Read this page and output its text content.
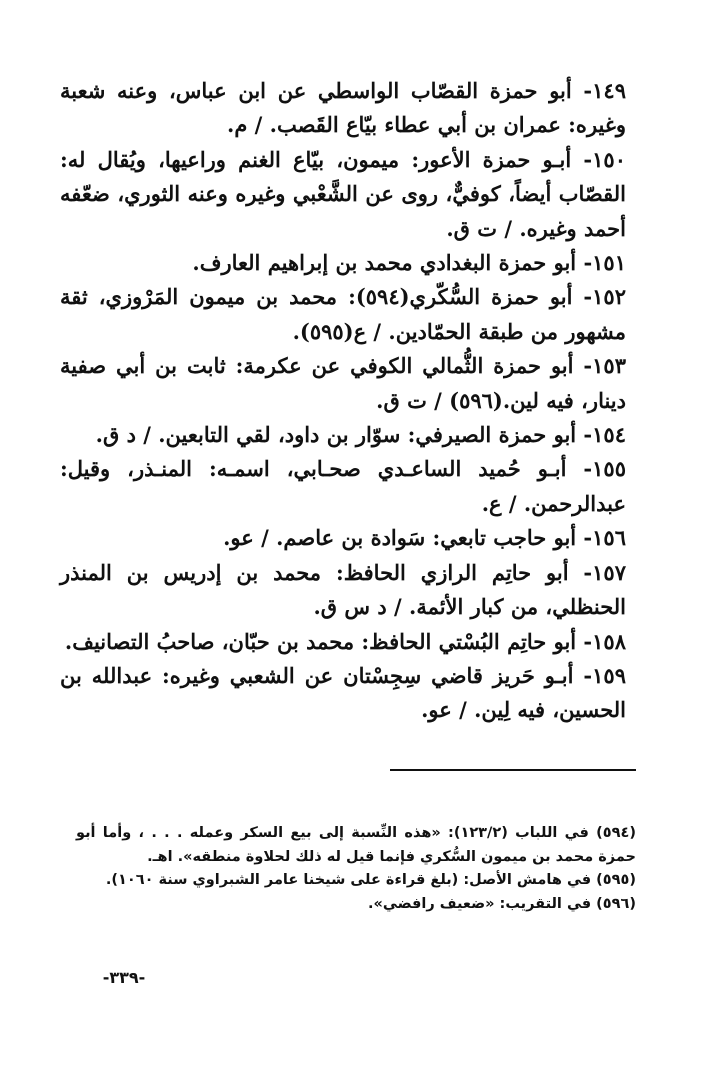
١٤٩- أبو حمزة القصّاب الواسطي عن ابن عباس، وعنه شعبة وغيره: عمران بن أبي عطاء بيّاع القَصب. / م.

١٥٠- أبـو حمزة الأعور: ميمون، بيّاع الغنم وراعيها، ويُقال له: القصّاب أيضاً، كوفيٌّ، روى عن الشَّعْبي وغيره وعنه الثوري، ضعّفه أحمد وغيره. / ت ق.

١٥١- أبو حمزة البغدادي محمد بن إبراهيم العارف.

١٥٢- أبو حمزة السُّكّري(٥٩٤): محمد بن ميمون المَرْوزي، ثقة مشهور من طبقة الحمّادين. / ع(٥٩٥).

١٥٣- أبو حمزة الثُّمالي الكوفي عن عكرمة: ثابت بن أبي صفية دينار، فيه لين.(٥٩٦) / ت ق.

١٥٤- أبو حمزة الصيرفي: سوّار بن داود، لقي التابعين. / د ق.

١٥٥- أبـو حُميد الساعـدي صحـابي، اسمـه: المنـذر، وقيل: عبدالرحمن. / ع.

١٥٦- أبو حاجب تابعي: سَوادة بن عاصم. / عو.

١٥٧- أبو حاتِم الرازي الحافظ: محمد بن إدريس بن المنذر الحنظلي، من كبار الأئمة. / د س ق.

١٥٨- أبو حاتِم البُسْتي الحافظ: محمد بن حبّان، صاحبُ التصانيف.

١٥٩- أبـو حَريز قاضي سِجِسْتان عن الشعبي وغيره: عبدالله بن الحسين، فيه لِين. / عو.

(٥٩٤) في اللباب (١٢٣/٢): «هذه النِّسبة إلى بيع السكر وعمله . . . ، وأما أبو حمزة محمد بن ميمون السُّكري فإنما قيل له ذلك لحلاوة منطقه». اهـ.

(٥٩٥) في هامش الأصل: (بلغ قراءة على شيخنا عامر الشبراوي سنة ١٠٦٠).

(٥٩٦) في التقريب: «ضعيف رافضي».

-٣٣٩-
